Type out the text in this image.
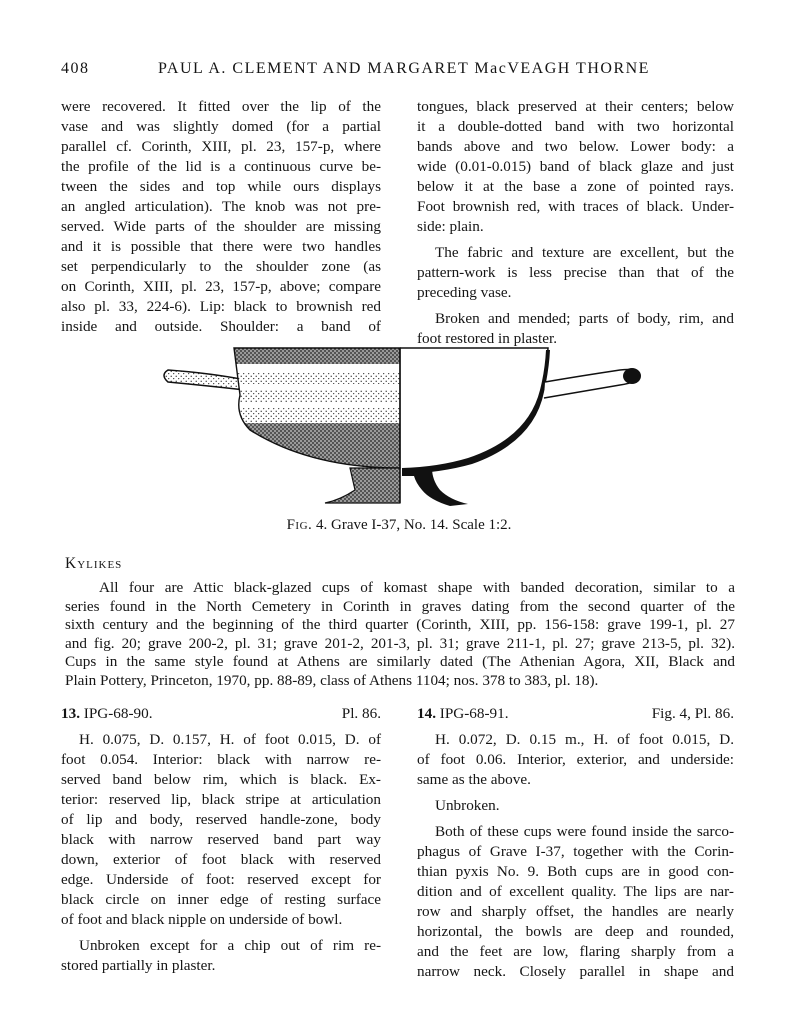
408	PAUL A. CLEMENT AND MARGARET MacVEAGH THORNE

were recovered. It fitted over the lip of the

vase and was slightly domed (for a partial

parallel cf. Corinth, XIII, pl. 23, 157-p, where

the profile of the lid is a continuous curve be-

tween the sides and top while ours displays

an angled articulation). The knob was not pre-

served. Wide parts of the shoulder are missing

and it is possible that there were two handles

set perpendicularly to the shoulder zone (as

on Corinth, XIII, pl. 23, 157-p, above; compare

also pl. 33, 224-6). Lip: black to brownish red

inside and outside. Shoulder: a band of

tongues, black preserved at their centers; below

it a double-dotted band with two horizontal

bands above and two below. Lower body: a

wide (0.01-0.015) band of black glaze and just

below it at the base a zone of pointed rays.

Foot brownish red, with traces of black. Under-

side: plain.

The fabric and texture are excellent, but the

pattern-work is less precise than that of the

preceding vase.

Broken and mended; parts of body, rim, and

foot restored in plaster.

Fig. 4. Grave I-37, No. 14. Scale 1:2.
Kylikes

All four are Attic black-glazed cups of komast shape with banded decoration, similar to a

series found in the North Cemetery in Corinth in graves dating from the second quarter of the

sixth century and the beginning of the third quarter (Corinth, XIII, pp. 156-158: grave 199-1, pl. 27

and fig. 20; grave 200-2, pl. 31; grave 201-2, 201-3, pl. 31; grave 211-1, pl. 27; grave 213-5, pl. 32).

Cups in the same style found at Athens are similarly dated (The Athenian Agora, XII, Black and

Plain Pottery, Princeton, 1970, pp. 88-89, class of Athens 1104; nos. 378 to 383, pl. 18).

13. IPG-68-90.	Pl. 86. 14. IPG-68-91.	Fig. 4, Pl. 86.

H. 0.075, D. 0.157, H. of foot 0.015, D. of

foot 0.054. Interior: black with narrow re-

served band below rim, which is black. Ex-

terior: reserved lip, black stripe at articulation

of lip and body, reserved handle-zone, body

black with narrow reserved band part way

down, exterior of foot black with reserved

edge. Underside of foot: reserved except for

black circle on inner edge of resting surface

of foot and black nipple on underside of bowl.

Unbroken except for a chip out of rim re-

stored partially in plaster.

H. 0.072, D. 0.15 m., H. of foot 0.015, D.

of foot 0.06. Interior, exterior, and underside:

same as the above.

Unbroken.

Both of these cups were found inside the sarco-

phagus of Grave I-37, together with the Corin-

thian pyxis No. 9. Both cups are in good con-

dition and of excellent quality. The lips are nar-

row and sharply offset, the handles are nearly

horizontal, the bowls are deep and rounded,

and the feet are low, flaring sharply from a

narrow neck. Closely parallel in shape and
